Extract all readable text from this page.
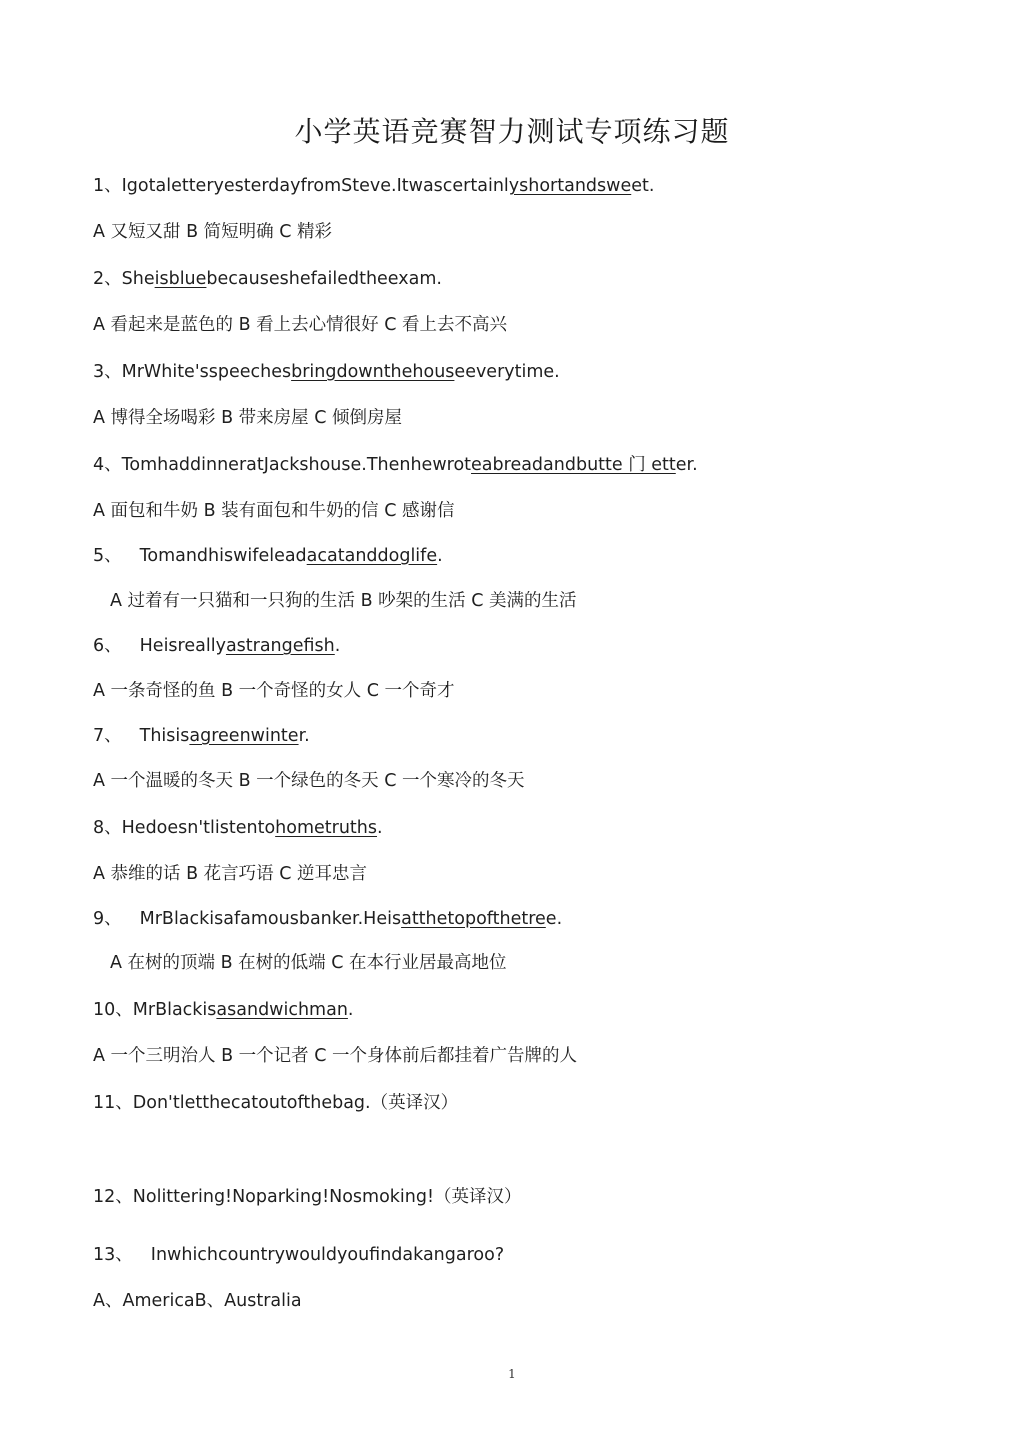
小学英语竞赛智力测试专项练习题
1、IgotaletteryesterdayfromSteve.Itwascertainlyshortandsweet.
A 又短又甜 B 简短明确 C 精彩
2、Sheisbluebecauseshefailedtheexam.
A 看起来是蓝色的 B 看上去心情很好 C 看上去不高兴
3、MrWhite'sspeechesbringdownthehouseeverytime.
A 博得全场喝彩 B 带来房屋 C 倾倒房屋
4、TomhaddinneratJackshouse.Thenhewroteabreadandbutte 门 etter.
A 面包和牛奶 B 装有面包和牛奶的信 C 感谢信
5、 Tomandhiswifeleadacatanddoglife.
A 过着有一只猫和一只狗的生活 B 吵架的生活 C 美满的生活
6、 Heisreallyastrangefish.
A 一条奇怪的鱼 B 一个奇怪的女人 C 一个奇才
7、 Thisisagreenwinter.
A 一个温暖的冬天 B 一个绿色的冬天 C 一个寒冷的冬天
8、Hedoesn'tlistentohometruths.
A 恭维的话 B 花言巧语 C 逆耳忠言
9、 MrBlackisafamousbanker.Heisatthetopofthetree.
A 在树的顶端 B 在树的低端 C 在本行业居最高地位
10、MrBlackisasandwichman.
A 一个三明治人 B 一个记者 C 一个身体前后都挂着广告牌的人
11、Don'tletthecatoutofthebag.（英译汉）
12、Nolittering!Noparking!Nosmoking!（英译汉）
13、 Inwhichcountrywouldyoufindakangaroo?
A、AmericaB、Australia
1
